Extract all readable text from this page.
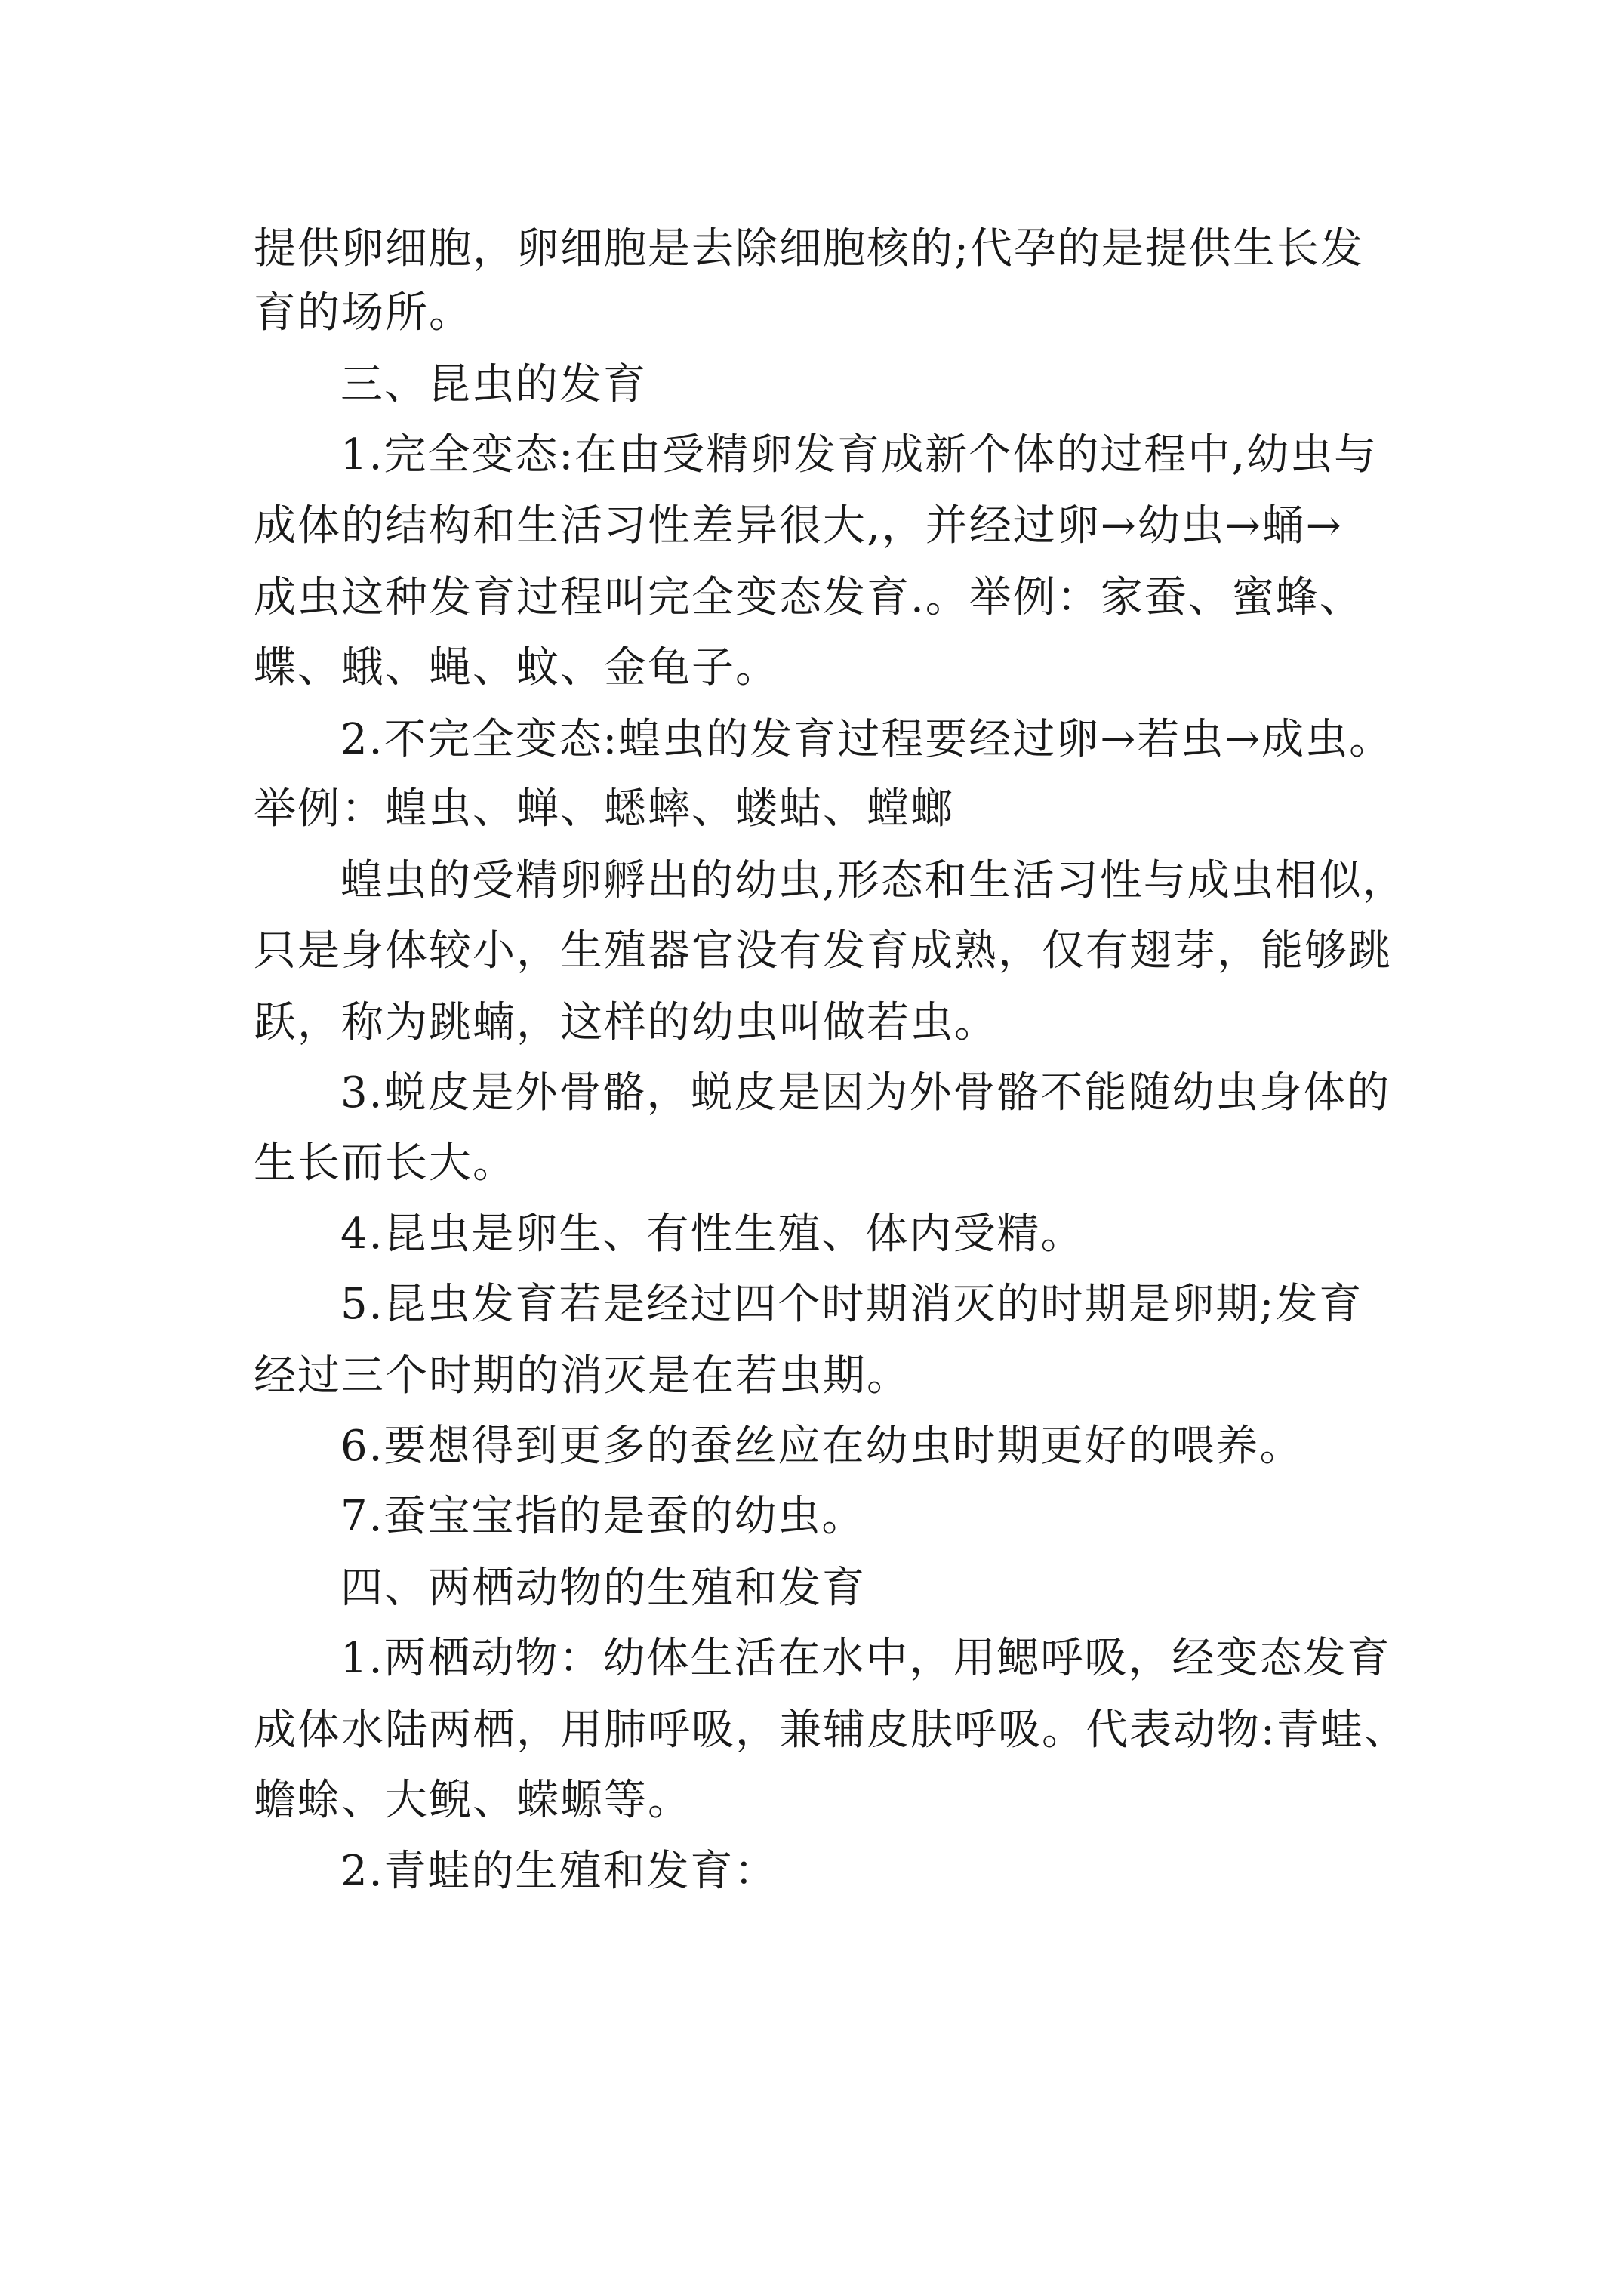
提供卵细胞，卵细胞是去除细胞核的;代孕的是提供生长发
育的场所。
三、昆虫的发育
1.完全变态:在由受精卵发育成新个体的过程中,幼虫与
成体的结构和生活习性差异很大,，并经过卵→幼虫→蛹→
成虫这种发育过程叫完全变态发育.。举例：家蚕、蜜蜂、
蝶、蛾、蝇、蚊、金龟子。
2.不完全变态:蝗虫的发育过程要经过卵→若虫→成虫。
举例：蝗虫、蝉、蟋蟀、蝼蛄、螳螂
蝗虫的受精卵孵出的幼虫,形态和生活习性与成虫相似，
只是身体较小，生殖器官没有发育成熟，仅有翅芽，能够跳
跃，称为跳蝻，这样的幼虫叫做若虫。
3.蜕皮是外骨骼，蜕皮是因为外骨骼不能随幼虫身体的
生长而长大。
4.昆虫是卵生、有性生殖、体内受精。
5.昆虫发育若是经过四个时期消灭的时期是卵期;发育
经过三个时期的消灭是在若虫期。
6.要想得到更多的蚕丝应在幼虫时期更好的喂养。
7.蚕宝宝指的是蚕的幼虫。
四、两栖动物的生殖和发育
1.两栖动物：幼体生活在水中，用鳃呼吸，经变态发育
成体水陆两栖，用肺呼吸，兼辅皮肤呼吸。代表动物:青蛙、
蟾蜍、大鲵、蝾螈等。
2.青蛙的生殖和发育：
